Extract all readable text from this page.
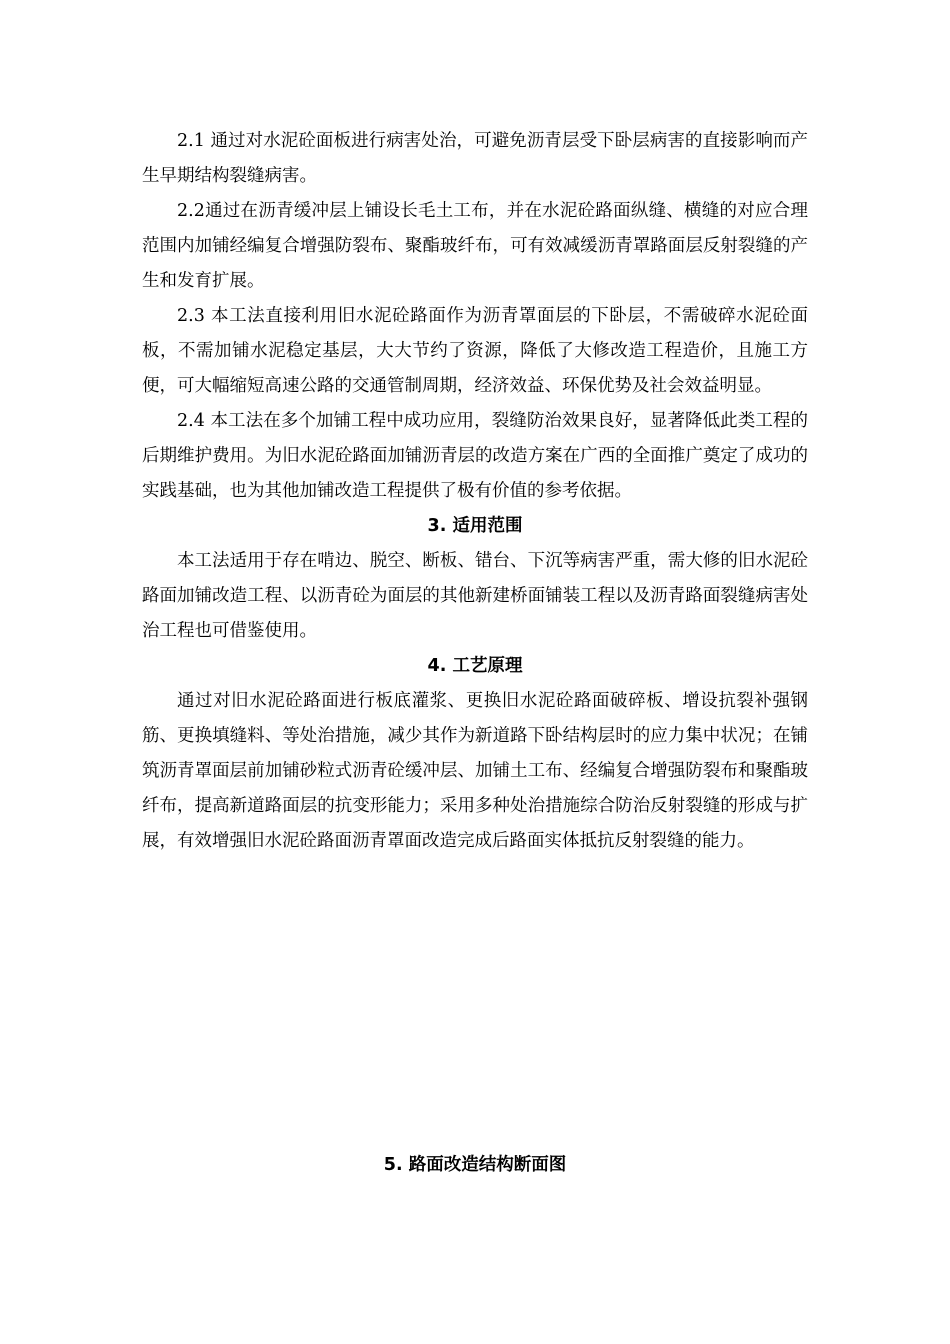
2.1 通过对水泥砼面板进行病害处治，可避免沥青层受下卧层病害的直接影响而产生早期结构裂缝病害。

2.2通过在沥青缓冲层上铺设长毛土工布，并在水泥砼路面纵缝、横缝的对应合理范围内加铺经编复合增强防裂布、聚酯玻纤布，可有效减缓沥青罩路面层反射裂缝的产生和发育扩展。

2.3 本工法直接利用旧水泥砼路面作为沥青罩面层的下卧层，不需破碎水泥砼面板，不需加铺水泥稳定基层，大大节约了资源，降低了大修改造工程造价，且施工方便，可大幅缩短高速公路的交通管制周期，经济效益、环保优势及社会效益明显。

2.4 本工法在多个加铺工程中成功应用，裂缝防治效果良好，显著降低此类工程的后期维护费用。为旧水泥砼路面加铺沥青层的改造方案在广西的全面推广奠定了成功的实践基础，也为其他加铺改造工程提供了极有价值的参考依据。

3. 适用范围

本工法适用于存在啃边、脱空、断板、错台、下沉等病害严重，需大修的旧水泥砼路面加铺改造工程、以沥青砼为面层的其他新建桥面铺装工程以及沥青路面裂缝病害处治工程也可借鉴使用。

4. 工艺原理

通过对旧水泥砼路面进行板底灌浆、更换旧水泥砼路面破碎板、增设抗裂补强钢筋、更换填缝料、等处治措施，减少其作为新道路下卧结构层时的应力集中状况；在铺筑沥青罩面层前加铺砂粒式沥青砼缓冲层、加铺土工布、经编复合增强防裂布和聚酯玻纤布，提高新道路面层的抗变形能力；采用多种处治措施综合防治反射裂缝的形成与扩展，有效增强旧水泥砼路面沥青罩面改造完成后路面实体抵抗反射裂缝的能力。

5. 路面改造结构断面图
